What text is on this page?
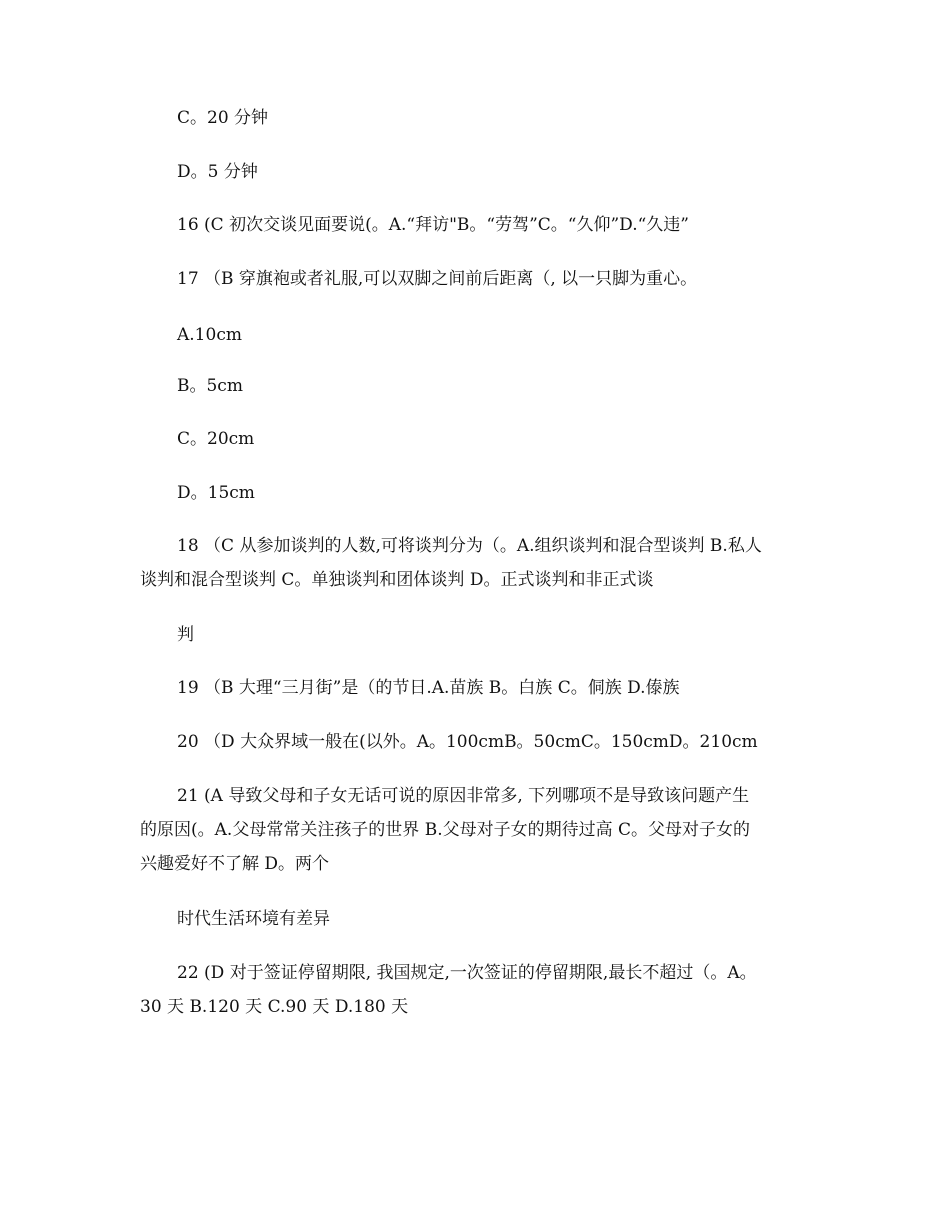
C。20 分钟
D。5 分钟
16 (C 初次交谈见面要说(。A.“拜访"B。“劳驾”C。“久仰”D.“久违”
17 （B 穿旗袍或者礼服,可以双脚之间前后距离（, 以一只脚为重心。
A.10cm
B。5cm
C。20cm
D。15cm
18 （C 从参加谈判的人数,可将谈判分为（。A.组织谈判和混合型谈判 B.私人
谈判和混合型谈判 C。单独谈判和团体谈判 D。正式谈判和非正式谈
判
19 （B 大理“三月街”是（的节日.A.苗族 B。白族 C。侗族 D.傣族
20 （D 大众界域一般在(以外。A。100cmB。50cmC。150cmD。210cm
21 (A 导致父母和子女无话可说的原因非常多, 下列哪项不是导致该问题产生
的原因(。A.父母常常关注孩子的世界 B.父母对子女的期待过高 C。父母对子女的
兴趣爱好不了解 D。两个
时代生活环境有差异
22 (D 对于签证停留期限, 我国规定,一次签证的停留期限,最长不超过（。A。
30 天 B.120 天 C.90 天 D.180 天
